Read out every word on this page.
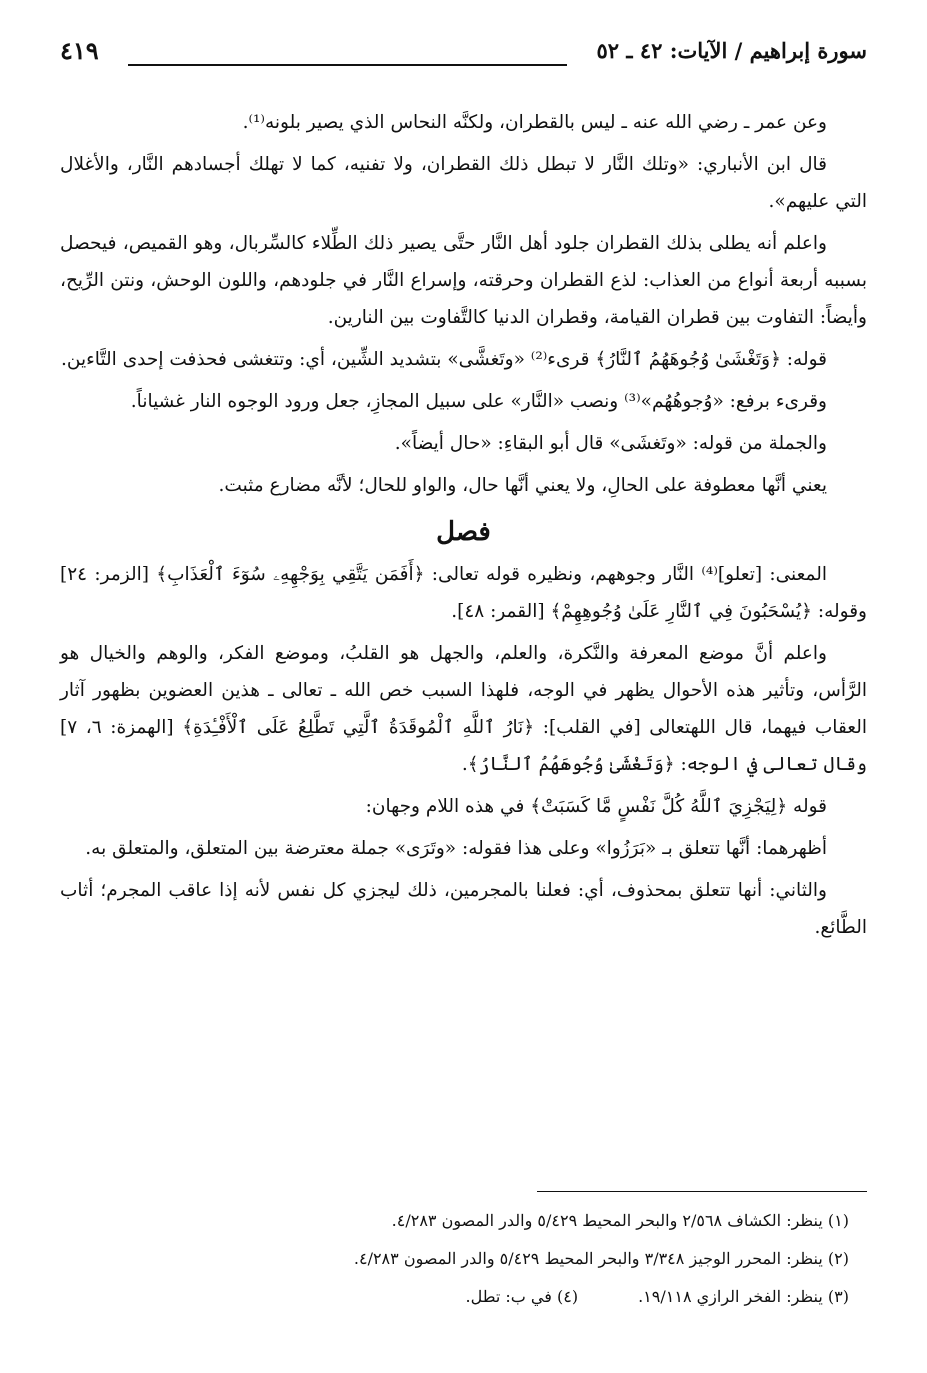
سورة إبراهيم / الآيات: ٤٢ ـ ٥٢
٤١٩

وعن عمر ـ رضي الله عنه ـ ليس بالقطران، ولكنَّه النحاس الذي يصير بلونه⁽¹⁾.

قال ابن الأنباري: «وتلك النَّار لا تبطل ذلك القطران، ولا تفنيه، كما لا تهلك أجسادهم النَّار، والأغلال التي عليهم».

واعلم أنه يطلى بذلك القطران جلود أهل النَّار حتَّى يصير ذلك الطِّلاء كالسِّربال، وهو القميص، فيحصل بسببه أربعة أنواع من العذاب: لذع القطران وحرقته، وإسراع النَّار في جلودهم، واللون الوحش، ونتن الرِّيح، وأيضاً: التفاوت بين قطران القيامة، وقطران الدنيا كالتَّفاوت بين النارين.

قوله: ﴿وَتَغْشَىٰ وُجُوهَهُمُ ٱلنَّارُ﴾ قرىء⁽²⁾ «وتَغشَّى» بتشديد الشِّين، أي: وتتغشى فحذفت إحدى التَّاءين.

وقرىء برفع: «وُجوهُهُم»⁽³⁾ ونصب «النَّار» على سبيل المجازِ، جعل ورود الوجوه النار غشياناً.

والجملة من قوله: «وتَغشَى» قال أبو البقاءِ: «حال أيضاً».

يعني أنَّها معطوفة على الحالِ، ولا يعني أنَّها حال، والواو للحال؛ لأنَّه مضارع مثبت.

فصل

المعنى: [تعلو]⁽⁴⁾ النَّار وجوههم، ونظيره قوله تعالى: ﴿أَفَمَن يَتَّقِي بِوَجْهِهِۦ سُوٓءَ ٱلْعَذَابِ﴾ [الزمر: ٢٤] وقوله: ﴿يُسْحَبُونَ فِي ٱلنَّارِ عَلَىٰ وُجُوهِهِمْ﴾ [القمر: ٤٨].

واعلم أنَّ موضع المعرفة والنَّكرة، والعلم، والجهل هو القلبُ، وموضع الفكر، والوهم والخيال هو الرَّأس، وتأثير هذه الأحوال يظهر في الوجه، فلهذا السبب خص الله ـ تعالى ـ هذين العضوين بظهور آثار العقاب فيهما، قال اللهتعالى [في القلب]: ﴿نَارُ ٱللَّهِ ٱلْمُوقَدَةُ ٱلَّتِي تَطَّلِعُ عَلَى ٱلْأَفْـِٔدَةِ﴾ [الهمزة: ٦، ٧] وقال تعالى في الوجه: ﴿وَتَغْشَىٰ وُجُوهَهُمُ ٱلنَّارُ﴾.

قوله ﴿لِيَجْزِيَ ٱللَّهُ كُلَّ نَفْسٍ مَّا كَسَبَتْ﴾ في هذه اللام وجهان:

أظهرهما: أنَّها تتعلق بـ «بَرَزُوا» وعلى هذا فقوله: «وتَرَى» جملة معترضة بين المتعلق، والمتعلق به.

والثاني: أنها تتعلق بمحذوف، أي: فعلنا بالمجرمين، ذلك ليجزي كل نفس لأنه إذا عاقب المجرم؛ أثاب الطَّائع.

(١) ينظر: الكشاف ٢/٥٦٨ والبحر المحيط ٥/٤٢٩ والدر المصون ٤/٢٨٣.

(٢) ينظر: المحرر الوجيز ٣/٣٤٨ والبحر المحيط ٥/٤٢٩ والدر المصون ٤/٢٨٣.

(٣) ينظر: الفخر الرازي ١٩/١١٨.(٤) في ب: تطل.
